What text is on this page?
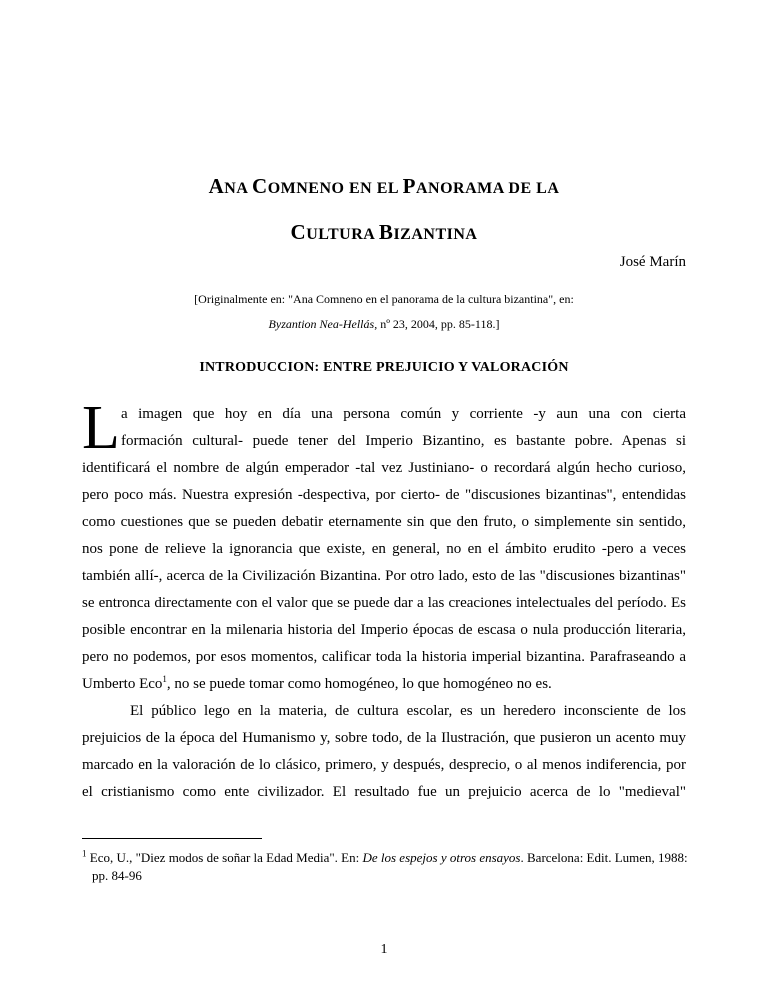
ANA COMNENO EN EL PANORAMA DE LA
CULTURA BIZANTINA
José Marín
[Originalmente en: "Ana Comneno en el panorama de la cultura bizantina", en:
Byzantion Nea-Hellás, nº 23, 2004, pp. 85-118.]
INTRODUCCION: ENTRE PREJUICIO Y VALORACIÓN
L a imagen que hoy en día una persona común y corriente -y aun una con cierta
formación cultural- puede tener del Imperio Bizantino, es bastante pobre. Apenas si
identificará el nombre de algún emperador -tal vez Justiniano- o recordará algún hecho curioso,
pero poco más. Nuestra expresión -despectiva, por cierto- de "discusiones bizantinas", entendidas
como cuestiones que se pueden debatir eternamente sin que den fruto, o simplemente sin sentido,
nos pone de relieve la ignorancia que existe, en general, no en el ámbito erudito -pero a veces
también allí-, acerca de la Civilización Bizantina. Por otro lado, esto de las "discusiones bizantinas"
se entronca directamente con el valor que se puede dar a las creaciones intelectuales del período. Es
posible encontrar en la milenaria historia del Imperio épocas de escasa o nula producción literaria,
pero no podemos, por esos momentos, calificar toda la historia imperial bizantina. Parafraseando a
Umberto Eco$^1$, no se puede tomar como homogéneo, lo que homogéneo no es.
El público lego en la materia, de cultura escolar, es un heredero inconsciente de los
prejuicios de la época del Humanismo y, sobre todo, de la Ilustración, que pusieron un acento muy
marcado en la valoración de lo clásico, primero, y después, desprecio, o al menos indiferencia, por
el cristianismo como ente civilizador. El resultado fue un prejuicio acerca de lo "medieval"
$^1$ Eco, U., "Diez modos de soñar la Edad Media". En: De los espejos y otros ensayos. Barcelona: Edit. Lumen, 1988:
pp. 84-96
1
